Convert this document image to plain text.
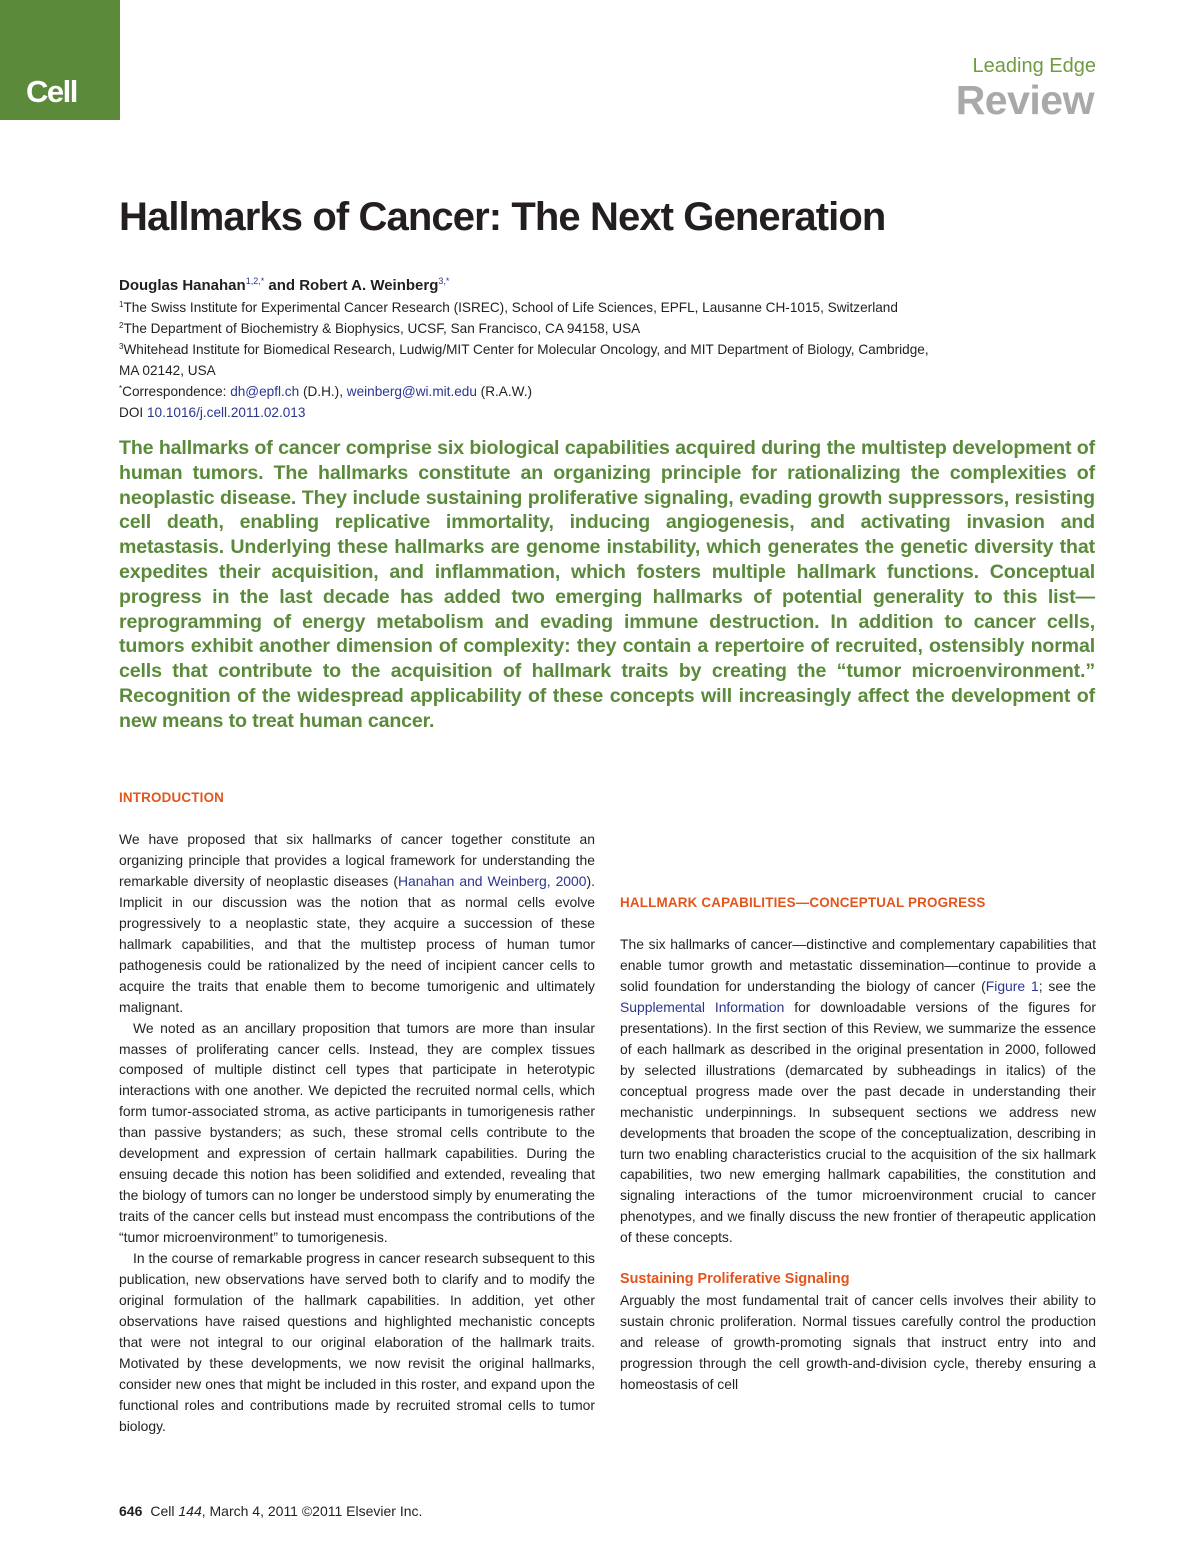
Cell
Leading Edge
Review
Hallmarks of Cancer: The Next Generation
Douglas Hanahan$^{1,2,*}$ and Robert A. Weinberg$^{3,*}$
$^1$The Swiss Institute for Experimental Cancer Research (ISREC), School of Life Sciences, EPFL, Lausanne CH-1015, Switzerland
$^2$The Department of Biochemistry & Biophysics, UCSF, San Francisco, CA 94158, USA
$^3$Whitehead Institute for Biomedical Research, Ludwig/MIT Center for Molecular Oncology, and MIT Department of Biology, Cambridge,
MA 02142, USA
*Correspondence: dh@epfl.ch (D.H.), weinberg@wi.mit.edu (R.A.W.)
DOI 10.1016/j.cell.2011.02.013

The hallmarks of cancer comprise six biological capabilities acquired during the multistep development of human tumors. The hallmarks constitute an organizing principle for rationalizing the complexities of neoplastic disease. They include sustaining proliferative signaling, evading growth suppressors, resisting cell death, enabling replicative immortality, inducing angiogenesis, and activating invasion and metastasis. Underlying these hallmarks are genome instability, which generates the genetic diversity that expedites their acquisition, and inflammation, which fosters multiple hallmark functions. Conceptual progress in the last decade has added two emerging hallmarks of potential generality to this list—reprogramming of energy metabolism and evading immune destruction. In addition to cancer cells, tumors exhibit another dimension of complexity: they contain a repertoire of recruited, ostensibly normal cells that contribute to the acquisition of hallmark traits by creating the “tumor microenvironment.” Recognition of the widespread applicability of these concepts will increasingly affect the development of new means to treat human cancer.

INTRODUCTION

We have proposed that six hallmarks of cancer together constitute an organizing principle that provides a logical framework for understanding the remarkable diversity of neoplastic diseases (Hanahan and Weinberg, 2000). Implicit in our discussion was the notion that as normal cells evolve progressively to a neoplastic state, they acquire a succession of these hallmark capabilities, and that the multistep process of human tumor pathogenesis could be rationalized by the need of incipient cancer cells to acquire the traits that enable them to become tumorigenic and ultimately malignant.

We noted as an ancillary proposition that tumors are more than insular masses of proliferating cancer cells. Instead, they are complex tissues composed of multiple distinct cell types that participate in heterotypic interactions with one another. We depicted the recruited normal cells, which form tumor-associated stroma, as active participants in tumorigenesis rather than passive bystanders; as such, these stromal cells contribute to the development and expression of certain hallmark capabilities. During the ensuing decade this notion has been solidified and extended, revealing that the biology of tumors can no longer be understood simply by enumerating the traits of the cancer cells but instead must encompass the contributions of the “tumor microenvironment” to tumorigenesis.

In the course of remarkable progress in cancer research subsequent to this publication, new observations have served both to clarify and to modify the original formulation of the hallmark capabilities. In addition, yet other observations have raised questions and highlighted mechanistic concepts that were not integral to our original elaboration of the hallmark traits. Motivated by these developments, we now revisit the original hallmarks, consider new ones that might be included in this roster, and expand upon the functional roles and contributions made by recruited stromal cells to tumor biology.

HALLMARK CAPABILITIES—CONCEPTUAL PROGRESS

The six hallmarks of cancer—distinctive and complementary capabilities that enable tumor growth and metastatic dissemination—continue to provide a solid foundation for understanding the biology of cancer (Figure 1; see the Supplemental Information for downloadable versions of the figures for presentations). In the first section of this Review, we summarize the essence of each hallmark as described in the original presentation in 2000, followed by selected illustrations (demarcated by subheadings in italics) of the conceptual progress made over the past decade in understanding their mechanistic underpinnings. In subsequent sections we address new developments that broaden the scope of the conceptualization, describing in turn two enabling characteristics crucial to the acquisition of the six hallmark capabilities, two new emerging hallmark capabilities, the constitution and signaling interactions of the tumor microenvironment crucial to cancer phenotypes, and we finally discuss the new frontier of therapeutic application of these concepts.

Sustaining Proliferative Signaling

Arguably the most fundamental trait of cancer cells involves their ability to sustain chronic proliferation. Normal tissues carefully control the production and release of growth-promoting signals that instruct entry into and progression through the cell growth-and-division cycle, thereby ensuring a homeostasis of cell

646 Cell 144, March 4, 2011 ©2011 Elsevier Inc.
